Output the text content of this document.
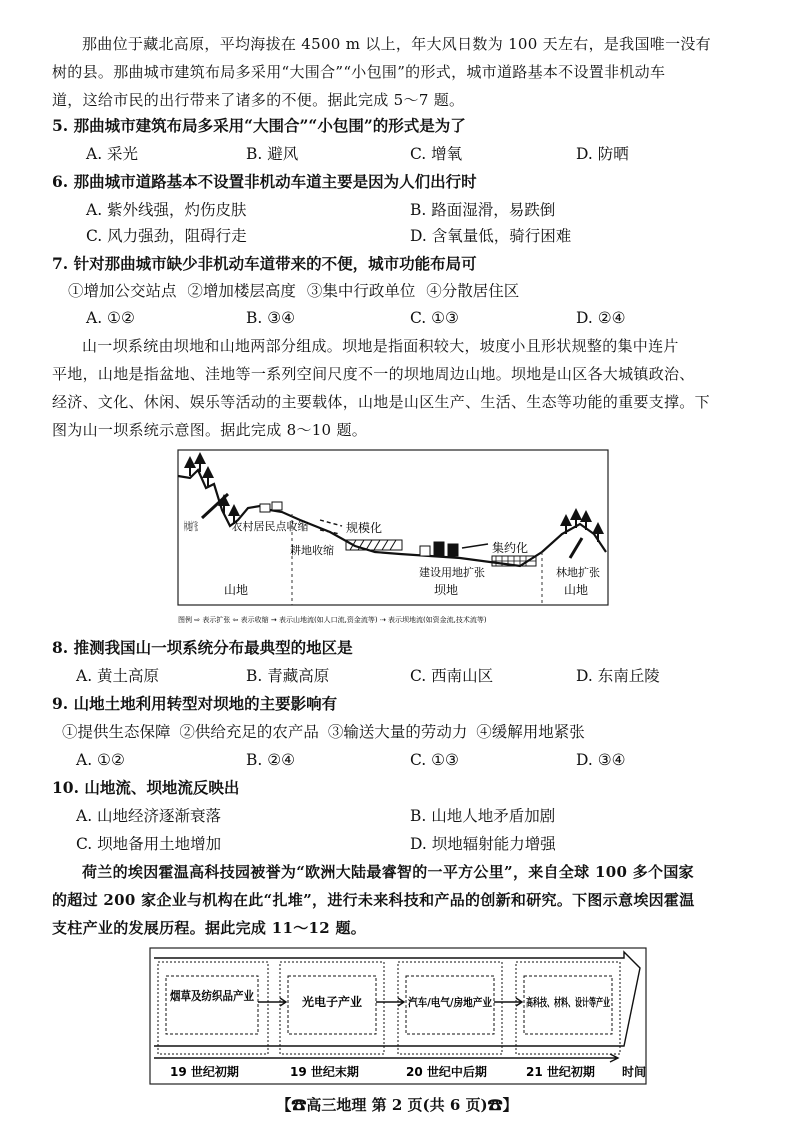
那曲位于藏北高原，平均海拔在 4500 m 以上，年大风日数为 100 天左右，是我国唯一没有
树的县。那曲城市建筑布局多采用“大围合”“小包围”的形式，城市道路基本不设置非机动车
道，这给市民的出行带来了诸多的不便。据此完成 5～7 题。
5. 那曲城市建筑布局多采用“大围合”“小包围”的形式是为了
A. 采光	B. 避风	C. 增氧	D. 防晒
6. 那曲城市道路基本不设置非机动车道主要是因为人们出行时
A. 紫外线强，灼伤皮肤	B. 路面湿滑，易跌倒
C. 风力强劲，阻碍行走	D. 含氧量低，骑行困难
7. 针对那曲城市缺少非机动车道带来的不便，城市功能布局可
①增加公交站点 ②增加楼层高度 ③集中行政单位 ④分散居住区
A. ①②	B. ③④	C. ①③	D. ②④
山一坝系统由坝地和山地两部分组成。坝地是指面积较大，坡度小且形状规整的集中连片
平地，山地是指盆地、洼地等一系列空间尺度不一的坝地周边山地。坝地是山区各大城镇政治、
经济、文化、休闲、娱乐等活动的主要载体，山地是山区生产、生活、生态等功能的重要支撑。下
图为山一坝系统示意图。据此完成 8～10 题。
林地扩张 农村居民点收缩
耕地收缩
规模化
集约化
建设用地扩张	林地扩张
山地	坝地	山地
图例 ⇨ 表示扩张 ⇦ 表示收缩 → 表示山地流(如人口流,资金流等) ⇢ 表示坝地流(如资金流,技术流等)
8. 推测我国山一坝系统分布最典型的地区是
A. 黄土高原	B. 青藏高原	C. 西南山区	D. 东南丘陵
9. 山地土地利用转型对坝地的主要影响有
①提供生态保障 ②供给充足的农产品 ③输送大量的劳动力 ④缓解用地紧张
A. ①②	B. ②④	C. ①③	D. ③④
10. 山地流、坝地流反映出
A. 山地经济逐渐衰落	B. 山地人地矛盾加剧
C. 坝地备用土地增加	D. 坝地辐射能力增强
荷兰的埃因霍温高科技园被誉为“欧洲大陆最睿智的一平方公里”，来自全球 100 多个国家
的超过 200 家企业与机构在此“扎堆”，进行未来科技和产品的创新和研究。下图示意埃因霍温
支柱产业的发展历程。据此完成 11～12 题。
烟草及纺织品产业	光电子产业	汽车/电气/房地产业 高科技、材料、设计等产业
19 世纪初期	19 世纪末期	20 世纪中后期	21 世纪初期 时间
【☎高三地理 第 2 页(共 6 页)☎】
